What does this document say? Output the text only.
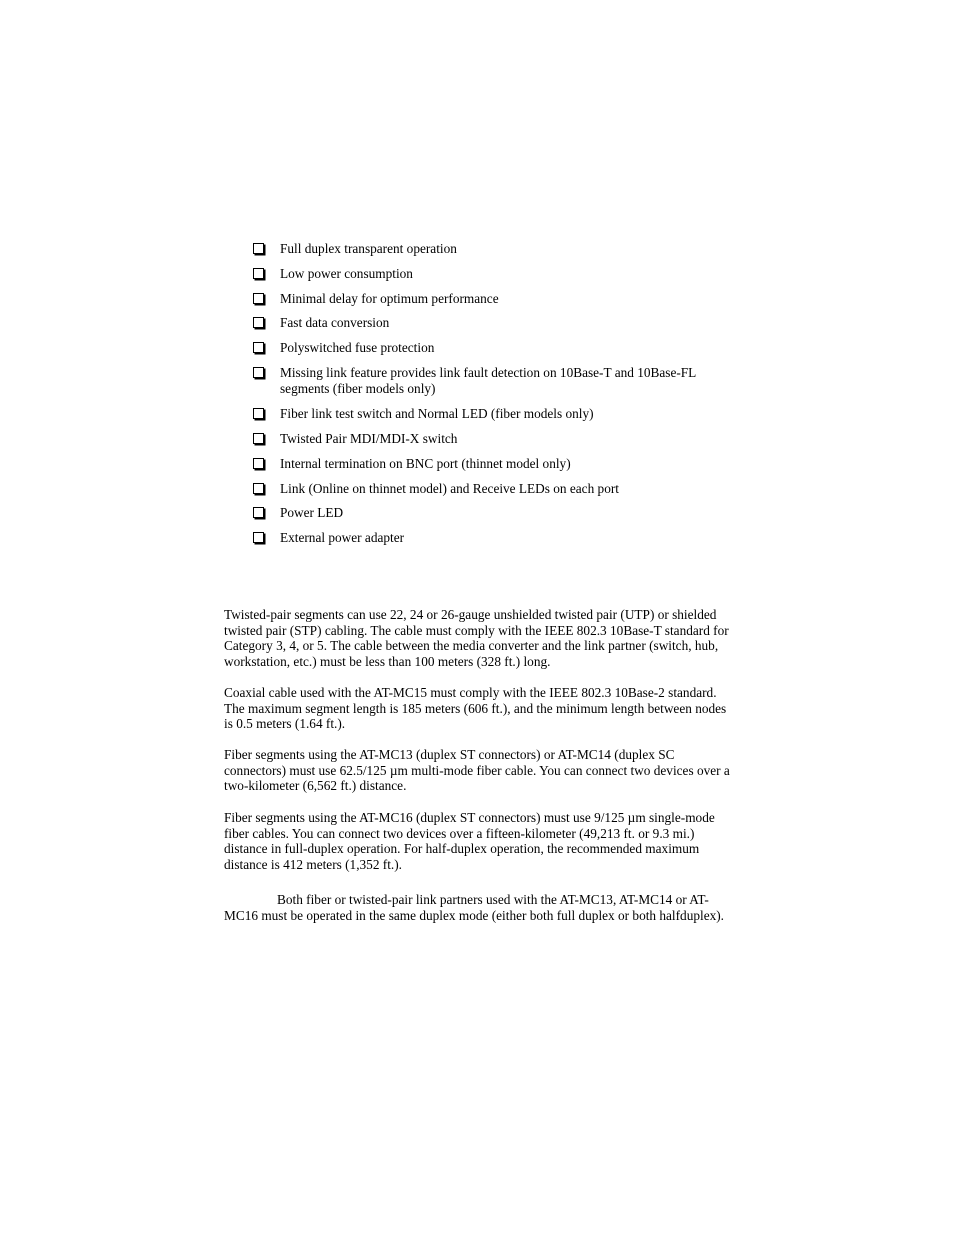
Full duplex transparent operation
Low power consumption
Minimal delay for optimum performance
Fast data conversion
Polyswitched fuse protection
Missing link feature provides link fault detection on 10Base-T and 10Base-FL segments (fiber models only)
Fiber link test switch and Normal LED (fiber models only)
Twisted Pair MDI/MDI-X switch
Internal termination on BNC port (thinnet model only)
Link (Online on thinnet model) and Receive LEDs on each port
Power LED
External power adapter

Twisted-pair segments can use 22, 24 or 26-gauge unshielded twisted pair (UTP) or shielded twisted pair (STP) cabling. The cable must comply with the IEEE 802.3 10Base-T standard for Category 3, 4, or 5. The cable between the media converter and the link partner (switch, hub, workstation, etc.) must be less than 100 meters (328 ft.) long.

Coaxial cable used with the AT-MC15 must comply with the IEEE 802.3 10Base-2 standard. The maximum segment length is 185 meters (606 ft.), and the minimum length between nodes is 0.5 meters (1.64 ft.).

Fiber segments using the AT-MC13 (duplex ST connectors) or AT-MC14 (duplex SC connectors) must use 62.5/125 µm multi-mode fiber cable. You can connect two devices over a two-kilometer (6,562 ft.) distance.

Fiber segments using the AT-MC16 (duplex ST connectors) must use 9/125 µm single-mode fiber cables. You can connect two devices over a fifteen-kilometer (49,213 ft. or 9.3 mi.) distance in full-duplex operation. For half-duplex operation, the recommended maximum distance is 412 meters (1,352 ft.).

Both fiber or twisted-pair link partners used with the AT-MC13, AT-MC14 or AT-MC16 must be operated in the same duplex mode (either both full duplex or both halfduplex).
